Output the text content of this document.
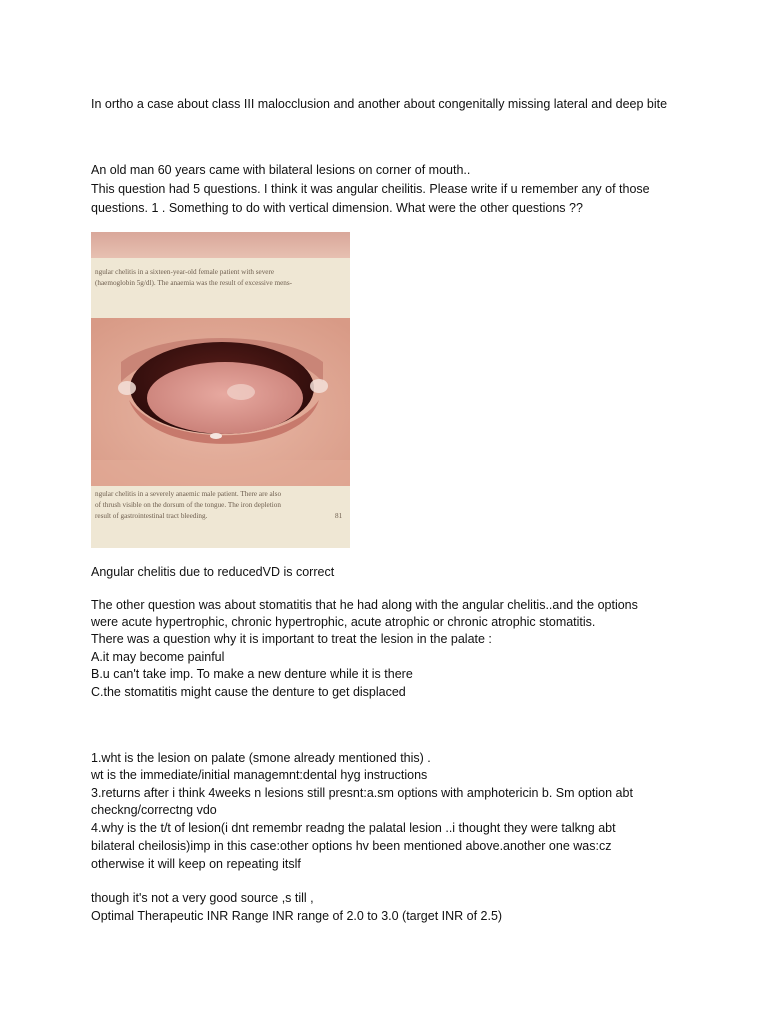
In ortho a case about class III malocclusion and another about congenitally missing lateral and deep bite
An old man 60 years came with bilateral lesions on corner of mouth..
This question had 5 questions. I think it was angular cheilitis. Please write if u remember any of those
questions. 1 . Something to do with vertical dimension. What were the other questions ??
ngular chelitis in a sixteen-year-old female patient with severe
(haemoglobin 5g/dl). The anaemia was the result of excessive mens-
ngular chelitis in a severely anaemic male patient. There are also
of thrush visible on the dorsum of the tongue. The iron depletion
result of gastrointestinal tract bleeding.	81
Angular chelitis due to reducedVD is correct
The other question was about stomatitis that he had along with the angular chelitis..and the options
were acute hypertrophic, chronic hypertrophic, acute atrophic or chronic atrophic stomatitis.
There was a question why it is important to treat the lesion in the palate :
A.it may become painful
B.u can't take imp. To make a new denture while it is there
C.the stomatitis might cause the denture to get displaced
1.wht is the lesion on palate (smone already mentioned this) .
wt is the immediate/initial managemnt:dental hyg instructions
3.returns after i think 4weeks n lesions still presnt:a.sm options with amphotericin b. Sm option abt
checkng/correctng vdo
4.why is the t/t of lesion(i dnt remembr readng the palatal lesion ..i thought they were talkng abt
bilateral cheilosis)imp in this case:other options hv been mentioned above.another one was:cz
otherwise it will keep on repeating itslf
though it's not a very good source ,s till ,
Optimal Therapeutic INR Range INR range of 2.0 to 3.0 (target INR of 2.5)
